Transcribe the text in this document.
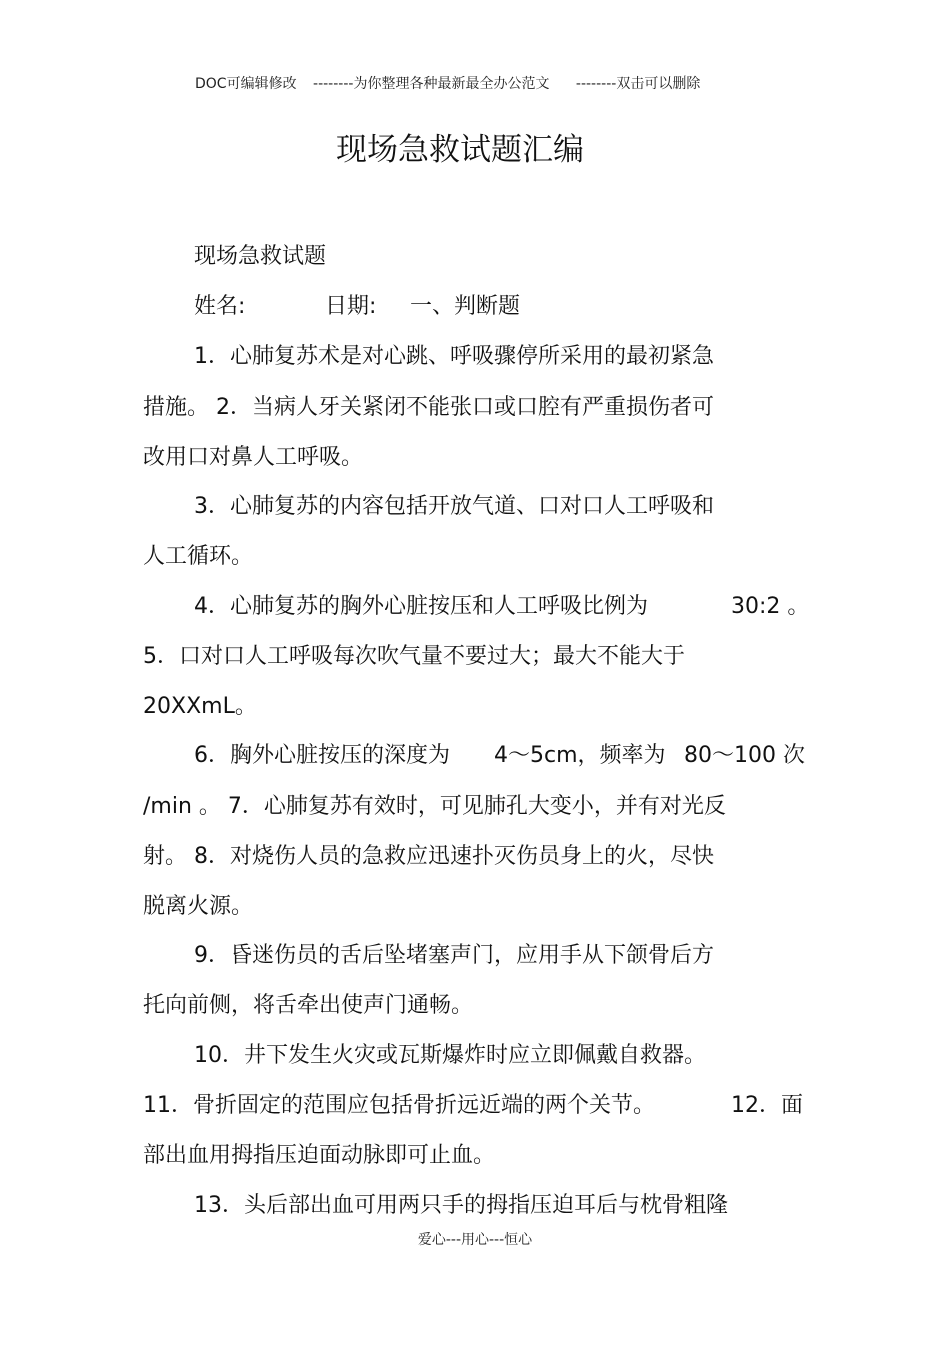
DOC可编辑修改 --------为你整理各种最新最全办公范文 --------双击可以删除
现场急救试题汇编
现场急救试题
姓名:	日期: 一、判断题
1．心肺复苏术是对心跳、呼吸骤停所采用的最初紧急
措施。 2．当病人牙关紧闭不能张口或口腔有严重损伤者可
改用口对鼻人工呼吸。
3．心肺复苏的内容包括开放气道、口对口人工呼吸和
人工循环。
4．心肺复苏的胸外心脏按压和人工呼吸比例为	30:2 。
5．口对口人工呼吸每次吹气量不要过大；最大不能大于
20XXmL。
6．胸外心脏按压的深度为 4～5cm，频率为 80～100 次
/min 。 7．心肺复苏有效时，可见肺孔大变小，并有对光反
射。 8．对烧伤人员的急救应迅速扑灭伤员身上的火，尽快
脱离火源。
9．昏迷伤员的舌后坠堵塞声门，应用手从下颌骨后方
托向前侧，将舌牵出使声门通畅。
10．井下发生火灾或瓦斯爆炸时应立即佩戴自救器。
11．骨折固定的范围应包括骨折远近端的两个关节。	12．面
部出血用拇指压迫面动脉即可止血。
13．头后部出血可用两只手的拇指压迫耳后与枕骨粗隆
爱心---用心---恒心
